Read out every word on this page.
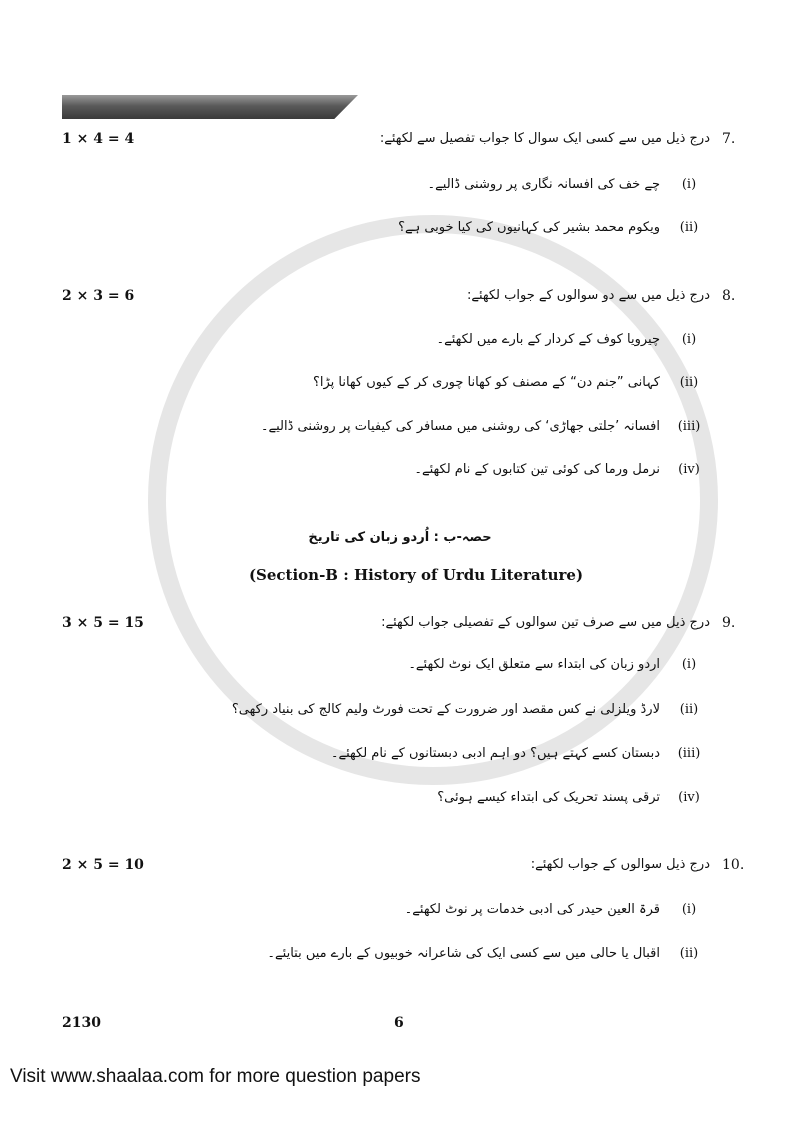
1 × 4 = 4	7.
درج ذیل میں سے کسی ایک سوال کا جواب تفصیل سے لکھئے:
(i)
چے خف کی افسانہ نگاری پر روشنی ڈالیے۔
(ii)
ویکوم محمد بشیر کی کہانیوں کی کیا خوبی ہے؟
2 × 3 = 6	8.
درج ذیل میں سے دو سوالوں کے جواب لکھئے:
(i)
چیرویا کوف کے کردار کے بارے میں لکھئے۔
(ii)
کہانی ”جنم دن“ کے مصنف کو کھانا چوری کر کے کیوں کھانا پڑا؟
(iii)
افسانہ ’جلتی جھاڑی‘ کی روشنی میں مسافر کی کیفیات پر روشنی ڈالیے۔
(iv)
نرمل ورما کی کوئی تین کتابوں کے نام لکھئے۔
3 × 5 = 15	9.
درج ذیل میں سے صرف تین سوالوں کے تفصیلی جواب لکھئے:
(i)
اردو زبان کی ابتداء سے متعلق ایک نوٹ لکھئے۔
(ii)
لارڈ ویلزلی نے کس مقصد اور ضرورت کے تحت فورٹ ولیم کالج کی بنیاد رکھی؟
(iii)
دبستان کسے کہتے ہیں؟ دو اہم ادبی دبستانوں کے نام لکھئے۔
(iv)
ترقی پسند تحریک کی ابتداء کیسے ہوئی؟
2 × 5 = 10	10.
درج ذیل سوالوں کے جواب لکھئے:
(i)
قرۃ العین حیدر کی ادبی خدمات پر نوٹ لکھئے۔
(ii)
اقبال یا حالی میں سے کسی ایک کی شاعرانہ خوبیوں کے بارے میں بتایئے۔
حصہ-ب : اُردو زبان کی تاریخ
(Section-B : History of Urdu Literature)
2130	6
Visit www.shaalaa.com for more question papers
